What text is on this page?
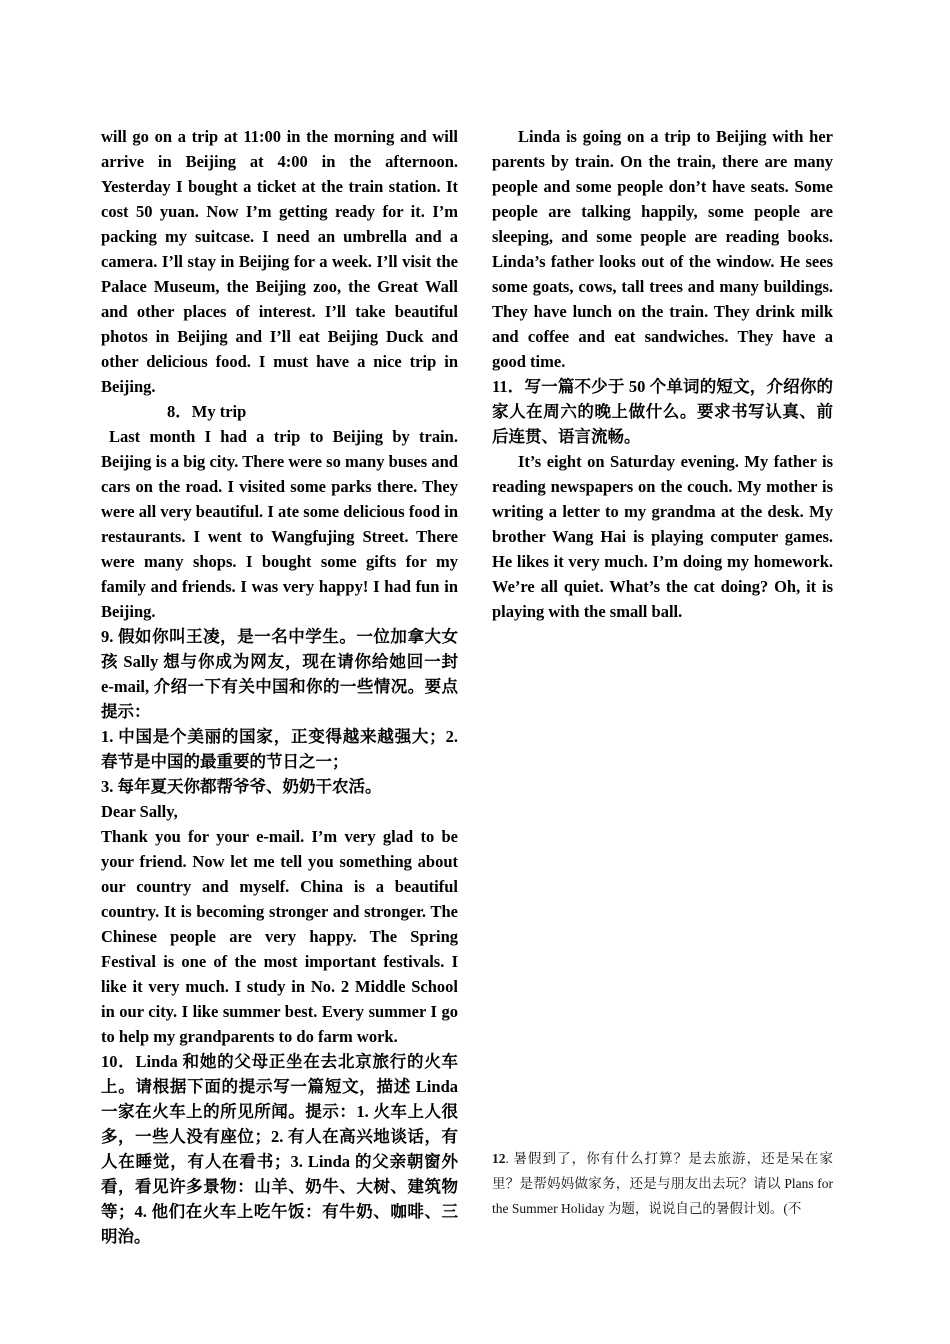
will go on a trip at 11:00 in the morning and will arrive in Beijing at 4:00 in the afternoon. Yesterday I bought a ticket at the train station. It cost 50 yuan. Now I’m getting ready for it. I’m packing my suitcase. I need an umbrella and a camera. I’ll stay in Beijing for a week. I’ll visit the Palace Museum, the Beijing zoo, the Great Wall and other places of interest. I’ll take beautiful photos in Beijing and I’ll eat Beijing Duck and other delicious food. I must have a nice trip in Beijing.

8．My trip

Last month I had a trip to Beijing by train. Beijing is a big city. There were so many buses and cars on the road. I visited some parks there. They were all very beautiful. I ate some delicious food in restaurants. I went to Wangfujing Street. There were many shops. I bought some gifts for my family and friends. I was very happy! I had fun in Beijing.

9. 假如你叫王凌，是一名中学生。一位加拿大女孩 Sally 想与你成为网友，现在请你给她回一封 e-mail, 介绍一下有关中国和你的一些情况。要点提示：

1. 中国是个美丽的国家，正变得越来越强大；2. 春节是中国的最重要的节日之一；

3. 每年夏天你都帮爷爷、奶奶干农活。

Dear Sally,

Thank you for your e-mail. I’m very glad to be your friend. Now let me tell you something about our country and myself. China is a beautiful country. It is becoming stronger and stronger. The Chinese people are very happy. The Spring Festival is one of the most important festivals. I like it very much. I study in No. 2 Middle School in our city. I like summer best. Every summer I go to help my grandparents to do farm work.

10．Linda 和她的父母正坐在去北京旅行的火车上。请根据下面的提示写一篇短文，描述 Linda 一家在火车上的所见所闻。提示：1. 火车上人很多，一些人没有座位；2. 有人在高兴地谈话，有人在睡觉，有人在看书；3. Linda 的父亲朝窗外看，看见许多景物：山羊、奶牛、大树、建筑物等；4. 他们在火车上吃午饭：有牛奶、咖啡、三明治。

Linda is going on a trip to Beijing with her parents by train. On the train, there are many people and some people don’t have seats. Some people are talking happily, some people are sleeping, and some people are reading books. Linda’s father looks out of the window. He sees some goats, cows, tall trees and many buildings. They have lunch on the train. They drink milk and coffee and eat sandwiches. They have a good time.

11．写一篇不少于 50 个单词的短文，介绍你的家人在周六的晚上做什么。要求书写认真、前后连贯、语言流畅。

It’s eight on Saturday evening. My father is reading newspapers on the couch. My mother is writing a letter to my grandma at the desk. My brother Wang Hai is playing computer games. He likes it very much. I’m doing my homework. We’re all quiet. What’s the cat doing? Oh, it is playing with the small ball.

12. 暑假到了，你有什么打算？是去旅游，还是呆在家里？是帮妈妈做家务，还是与朋友出去玩？请以 Plans for the Summer Holiday 为题，说说自己的暑假计划。(不
